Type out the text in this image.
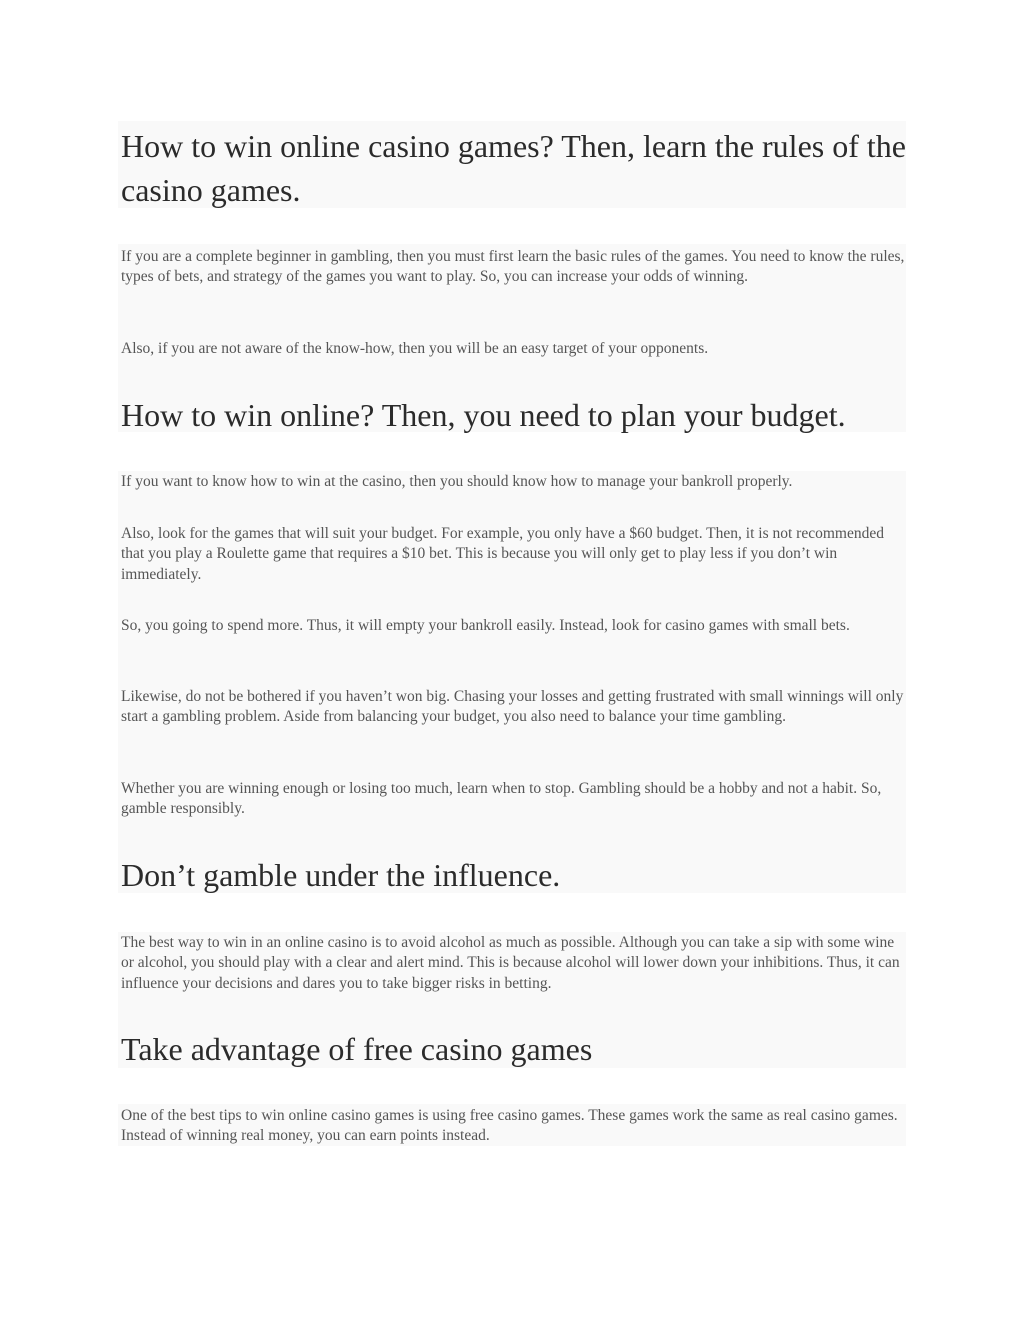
How to win online casino games? Then, learn the rules of the casino games.

If you are a complete beginner in gambling, then you must first learn the basic rules of the games. You need to know the rules, types of bets, and strategy of the games you want to play. So, you can increase your odds of winning.

Also, if you are not aware of the know-how, then you will be an easy target of your opponents.

How to win online? Then, you need to plan your budget.

If you want to know how to win at the casino, then you should know how to manage your bankroll properly.

Also, look for the games that will suit your budget. For example, you only have a $60 budget. Then, it is not recommended that you play a Roulette game that requires a $10 bet. This is because you will only get to play less if you don’t win immediately.

So, you going to spend more. Thus, it will empty your bankroll easily. Instead, look for casino games with small bets.

Likewise, do not be bothered if you haven’t won big. Chasing your losses and getting frustrated with small winnings will only start a gambling problem. Aside from balancing your budget, you also need to balance your time gambling.

Whether you are winning enough or losing too much, learn when to stop. Gambling should be a hobby and not a habit. So, gamble responsibly.

Don’t gamble under the influence.

The best way to win in an online casino is to avoid alcohol as much as possible. Although you can take a sip with some wine or alcohol, you should play with a clear and alert mind. This is because alcohol will lower down your inhibitions. Thus, it can influence your decisions and dares you to take bigger risks in betting.

Take advantage of free casino games

One of the best tips to win online casino games is using free casino games. These games work the same as real casino games. Instead of winning real money, you can earn points instead.
